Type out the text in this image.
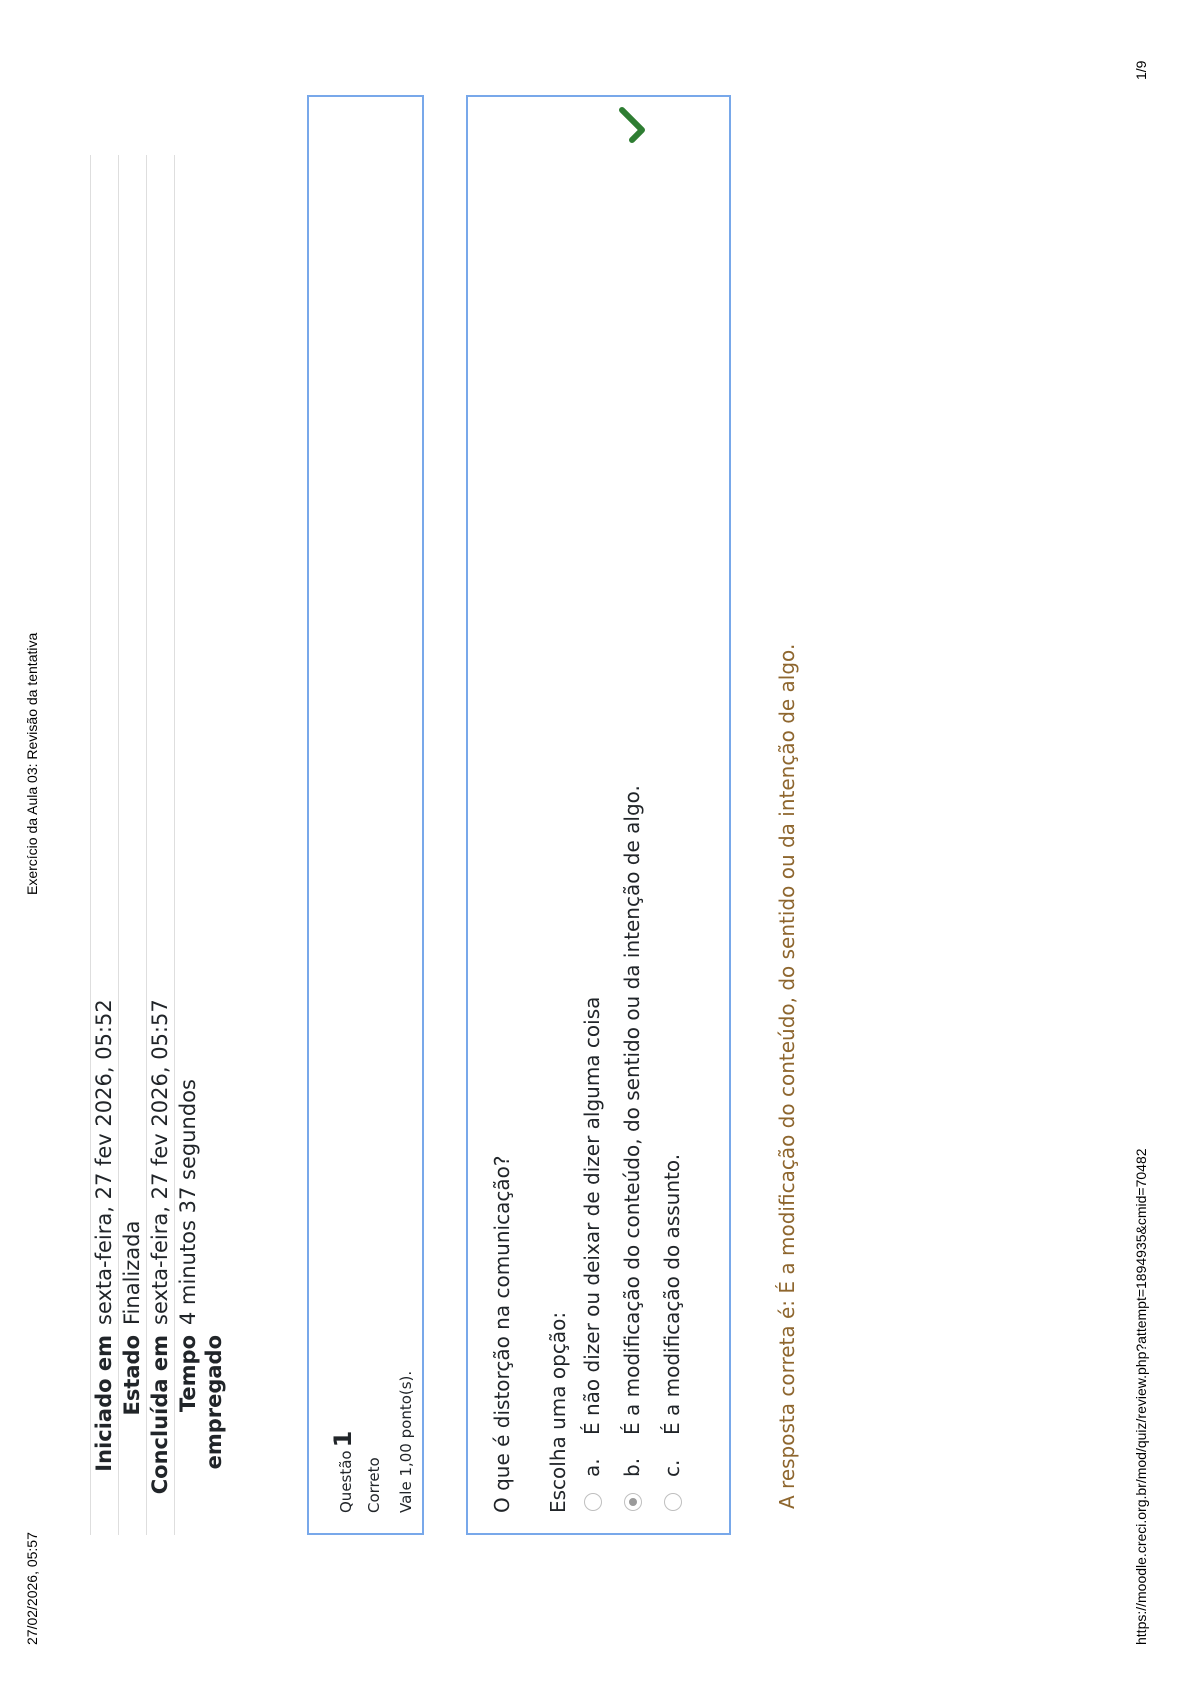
27/02/2026, 05:57
Exercício da Aula 03: Revisão da tentativa
Iniciado em
sexta-feira, 27 fev 2026, 05:52
Estado
Finalizada
Concluída em
sexta-feira, 27 fev 2026, 05:57
Tempo empregado
4 minutos 37 segundos
Questão1
Correto Vale 1,00 ponto(s).	O que é distorção na comunicação? Escolha uma opção: a.
É não dizer ou deixar de dizer alguma coisa
b.
É a modificação do conteúdo, do sentido ou da intenção de algo.
c.
É a modificação do assunto.	A resposta correta é: É a modificação do conteúdo, do sentido ou da intenção de algo.	https://moodle.creci.org.br/mod/quiz/review.php?attempt=1894935&cmid=70482
1/9
